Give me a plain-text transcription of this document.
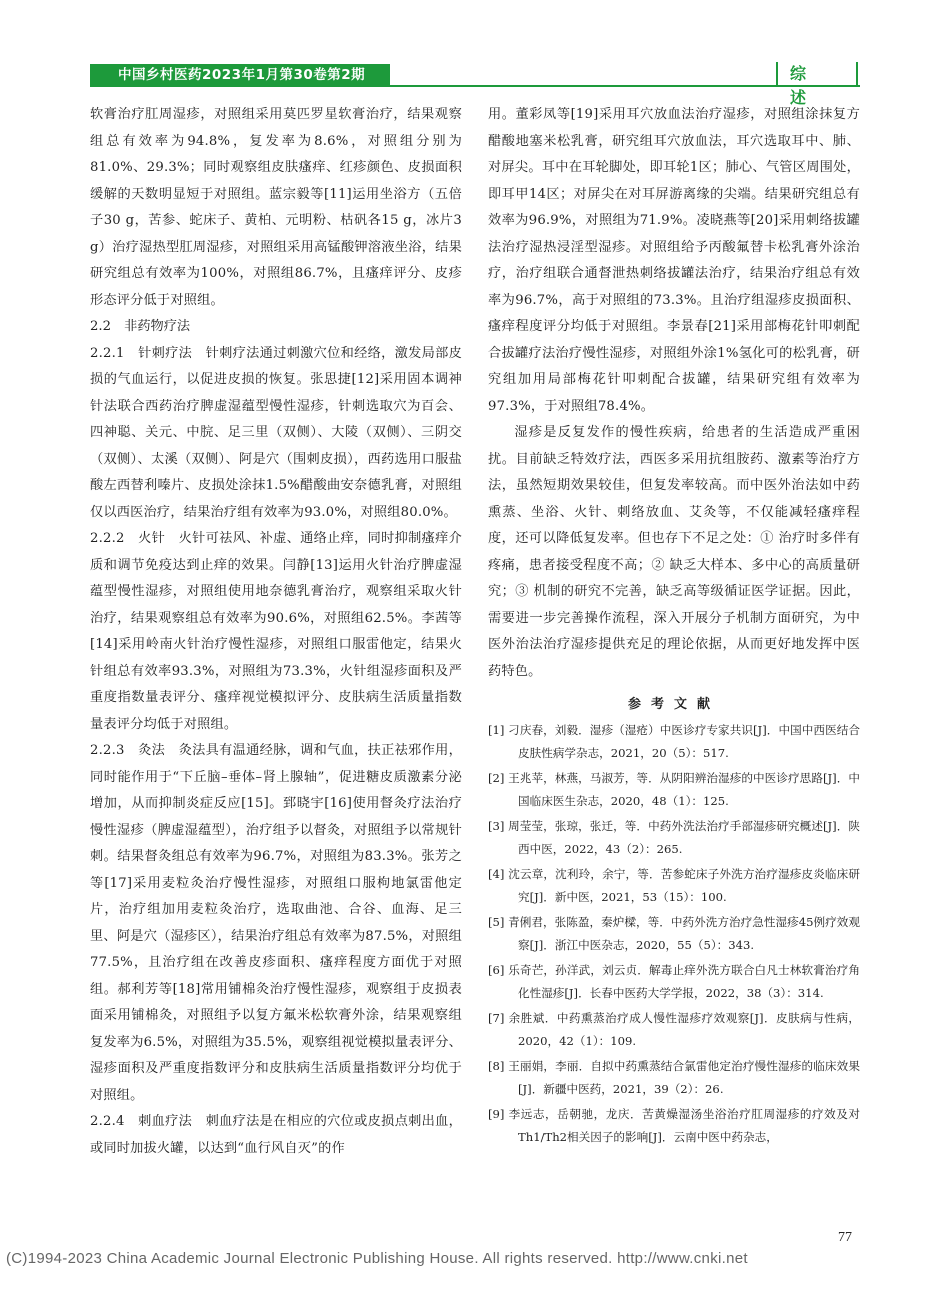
中国乡村医药2023年1月第30卷第2期	综 述

软膏治疗肛周湿疹，对照组采用莫匹罗星软膏治疗，结果观察组总有效率为94.8%，复发率为8.6%，对照组分别为81.0%、29.3%；同时观察组皮肤瘙痒、红疹颜色、皮损面积缓解的天数明显短于对照组。蓝宗毅等[11]运用坐浴方（五倍子30 g，苦参、蛇床子、黄柏、元明粉、枯矾各15 g，冰片3 g）治疗湿热型肛周湿疹，对照组采用高锰酸钾溶液坐浴，结果研究组总有效率为100%，对照组86.7%，且瘙痒评分、皮疹形态评分低于对照组。

2.2　非药物疗法

2.2.1　针刺疗法　针刺疗法通过刺激穴位和经络，激发局部皮损的气血运行，以促进皮损的恢复。张思捷[12]采用固本调神针法联合西药治疗脾虚湿蕴型慢性湿疹，针刺选取穴为百会、四神聪、关元、中脘、足三里（双侧）、大陵（双侧）、三阴交（双侧）、太溪（双侧）、阿是穴（围刺皮损），西药选用口服盐酸左西替利嗪片、皮损处涂抹1.5%醋酸曲安奈德乳膏，对照组仅以西医治疗，结果治疗组有效率为93.0%，对照组80.0%。

2.2.2　火针　火针可祛风、补虚、通络止痒，同时抑制瘙痒介质和调节免疫达到止痒的效果。闫静[13]运用火针治疗脾虚湿蕴型慢性湿疹，对照组使用地奈德乳膏治疗，观察组采取火针治疗，结果观察组总有效率为90.6%，对照组62.5%。李茜等[14]采用岭南火针治疗慢性湿疹，对照组口服雷他定，结果火针组总有效率93.3%，对照组为73.3%，火针组湿疹面积及严重度指数量表评分、瘙痒视觉模拟评分、皮肤病生活质量指数量表评分均低于对照组。

2.2.3　灸法　灸法具有温通经脉，调和气血，扶正祛邪作用，同时能作用于“下丘脑–垂体–肾上腺轴”，促进糖皮质激素分泌增加，从而抑制炎症反应[15]。郅晓宇[16]使用督灸疗法治疗慢性湿疹（脾虚湿蕴型），治疗组予以督灸，对照组予以常规针刺。结果督灸组总有效率为96.7%，对照组为83.3%。张芳之等[17]采用麦粒灸治疗慢性湿疹，对照组口服枸地氯雷他定片，治疗组加用麦粒灸治疗，选取曲池、合谷、血海、足三里、阿是穴（湿疹区），结果治疗组总有效率为87.5%，对照组77.5%，且治疗组在改善皮疹面积、瘙痒程度方面优于对照组。郝利芳等[18]常用铺棉灸治疗慢性湿疹，观察组于皮损表面采用铺棉灸，对照组予以复方氟米松软膏外涂，结果观察组复发率为6.5%，对照组为35.5%，观察组视觉模拟量表评分、湿疹面积及严重度指数评分和皮肤病生活质量指数评分均优于对照组。

2.2.4　刺血疗法　刺血疗法是在相应的穴位或皮损点刺出血，或同时加拔火罐，以达到“血行风自灭”的作

用。董彩凤等[19]采用耳穴放血法治疗湿疹，对照组涂抹复方醋酸地塞米松乳膏，研究组耳穴放血法，耳穴选取耳中、肺、对屏尖。耳中在耳轮脚处，即耳轮1区；肺心、气管区周围处，即耳甲14区；对屏尖在对耳屏游离缘的尖端。结果研究组总有效率为96.9%，对照组为71.9%。凌晓燕等[20]采用刺络拔罐法治疗湿热浸淫型湿疹。对照组给予丙酸氟替卡松乳膏外涂治疗，治疗组联合通督泄热刺络拔罐法治疗，结果治疗组总有效率为96.7%，高于对照组的73.3%。且治疗组湿疹皮损面积、瘙痒程度评分均低于对照组。李景春[21]采用部梅花针叩刺配合拔罐疗法治疗慢性湿疹，对照组外涂1%氢化可的松乳膏，研究组加用局部梅花针叩刺配合拔罐，结果研究组有效率为97.3%，于对照组78.4%。

湿疹是反复发作的慢性疾病，给患者的生活造成严重困扰。目前缺乏特效疗法，西医多采用抗组胺药、激素等治疗方法，虽然短期效果较佳，但复发率较高。而中医外治法如中药熏蒸、坐浴、火针、刺络放血、艾灸等，不仅能减轻瘙痒程度，还可以降低复发率。但也存下不足之处：① 治疗时多伴有疼痛，患者接受程度不高；② 缺乏大样本、多中心的高质量研究；③ 机制的研究不完善，缺乏高等级循证医学证据。因此，需要进一步完善操作流程，深入开展分子机制方面研究，为中医外治法治疗湿疹提供充足的理论依据，从而更好地发挥中医药特色。

参考文献

[1] 刁庆春，刘毅．湿疹（湿疮）中医诊疗专家共识[J]．中国中西医结合皮肤性病学杂志，2021，20（5）：517.

[2] 王兆苹，林燕，马淑芳，等．从阴阳辨治湿疹的中医诊疗思路[J]．中国临床医生杂志，2020，48（1）：125.

[3] 周莹莹，张琼，张迁，等．中药外洗法治疗手部湿疹研究概述[J]．陕西中医，2022，43（2）：265.

[4] 沈云章，沈利玲，余宁，等．苦参蛇床子外洗方治疗湿疹皮炎临床研究[J]．新中医，2021，53（15）：100.

[5] 青俐君，张陈盈，秦炉樑，等．中药外洗方治疗急性湿疹45例疗效观察[J]．浙江中医杂志，2020，55（5）：343.

[6] 乐奇芒，孙洋武，刘云贞．解毒止痒外洗方联合白凡士林软膏治疗角化性湿疹[J]．长春中医药大学学报，2022，38（3）：314.

[7] 余胜斌．中药熏蒸治疗成人慢性湿疹疗效观察[J]．皮肤病与性病，2020，42（1）：109.

[8] 王丽娟，李丽．自拟中药熏蒸结合氯雷他定治疗慢性湿疹的临床效果[J]．新疆中医药，2021，39（2）：26.

[9] 李远志，岳朝驰，龙庆．苦黄燥湿汤坐浴治疗肛周湿疹的疗效及对Th1/Th2相关因子的影响[J]．云南中医中药杂志，

77
(C)1994-2023 China Academic Journal Electronic Publishing House. All rights reserved. http://www.cnki.net
